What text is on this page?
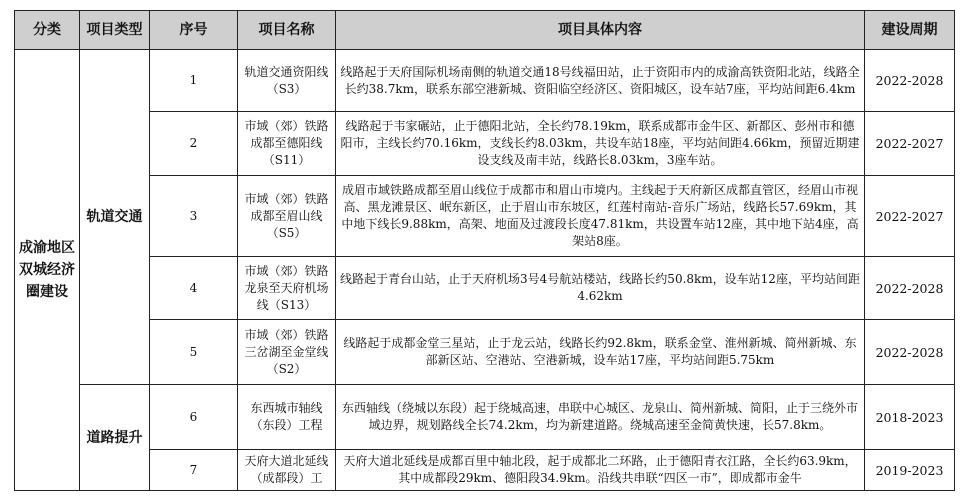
分类	项目类型	序号	项目名称	项目具体内容	建设周期
成渝地区双城经济圈建设	轨道交通	1	轨道交通资阳线（S3）	线路起于天府国际机场南侧的轨道交通18号线福田站，止于资阳市内的成渝高铁资阳北站，线路全长约38.7km，联系东部空港新城、资阳临空经济区、资阳城区，设车站7座，平均站间距6.4km	2022-2028
		2	市域（郊）铁路成都至德阳线（S11）	线路起于韦家碾站，止于德阳北站，全长约78.19km，联系成都市金牛区、新都区、彭州市和德阳市，主线长约70.16km，支线长约8.03km，共设车站18座，平均站间距4.66km，预留近期建设支线及南丰站，线路长8.03km，3座车站。	2022-2027
		3	市域（郊）铁路成都至眉山线（S5）	成眉市域铁路成都至眉山线位于成都市和眉山市境内。主线起于天府新区成都直管区，经眉山市视高、黑龙滩景区、岷东新区，止于眉山市东坡区，红莲村南站-音乐广场站，线路长57.69km，其中地下线长9.88km，高架、地面及过渡段长度47.81km，共设置车站12座，其中地下站4座，高架站8座。	2022-2027
		4	市域（郊）铁路龙泉至天府机场线（S13）	线路起于青台山站，止于天府机场3号4号航站楼站，线路长约50.8km，设车站12座，平均站间距4.62km	2022-2028
		5	市域（郊）铁路三岔湖至金堂线（S2）	线路起于成都金堂三星站，止于龙云站，线路长约92.8km，联系金堂、淮州新城、简州新城、东部新区站、空港站、空港新城，设车站17座，平均站间距5.75km	2022-2028
	道路提升	6	东西城市轴线（东段）工程	东西轴线（绕城以东段）起于绕城高速，串联中心城区、龙泉山、简州新城、简阳，止于三绕外市域边界，规划路线全长74.2km，均为新建道路。绕城高速至金简黄快速，长57.8km。	2018-2023
		7	天府大道北延线（成都段）工	天府大道北延线是成都百里中轴北段，起于成都北二环路，止于德阳青衣江路，全长约63.9km，其中成都段29km、德阳段34.9km。沿线共串联“四区一市”，即成都市金牛	2019-2023
